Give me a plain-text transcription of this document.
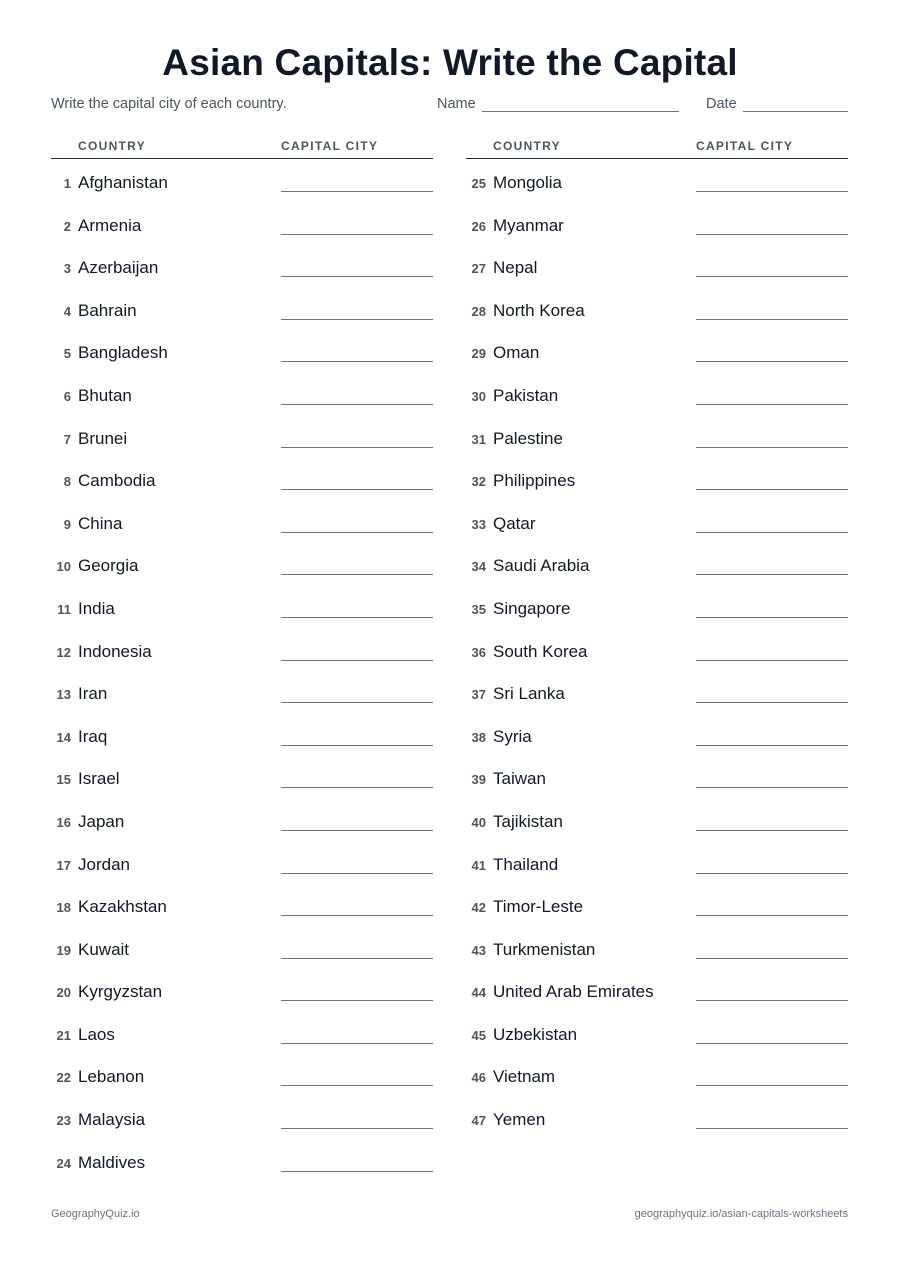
Asian Capitals: Write the Capital
Write the capital city of each country.	Name	Date
COUNTRY	CAPITAL CITY
1 Afghanistan
2 Armenia
3 Azerbaijan
4 Bahrain
5 Bangladesh
6 Bhutan
7 Brunei
8 Cambodia
9 China
10 Georgia
11 India
12 Indonesia
13 Iran
14 Iraq
15 Israel
16 Japan
17 Jordan
18 Kazakhstan
19 Kuwait
20 Kyrgyzstan
21 Laos
22 Lebanon
23 Malaysia
24 Maldives
COUNTRY	CAPITAL CITY
25 Mongolia
26 Myanmar
27 Nepal
28 North Korea
29 Oman
30 Pakistan
31 Palestine
32 Philippines
33 Qatar
34 Saudi Arabia
35 Singapore
36 South Korea
37 Sri Lanka
38 Syria
39 Taiwan
40 Tajikistan
41 Thailand
42 Timor-Leste
43 Turkmenistan
44 United Arab Emirates
45 Uzbekistan
46 Vietnam
47 Yemen
GeographyQuiz.io	geographyquiz.io/asian-capitals-worksheets
